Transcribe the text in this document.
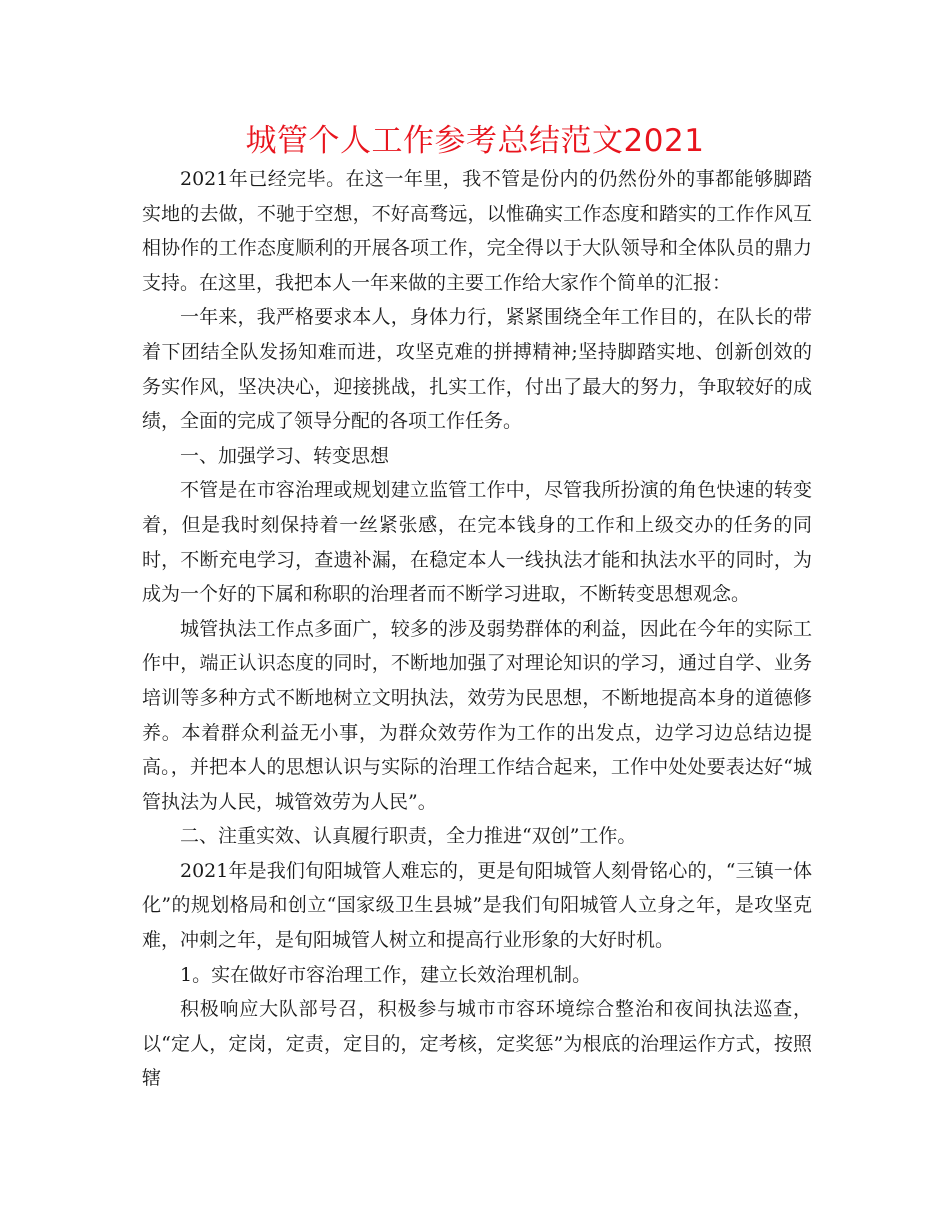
城管个人工作参考总结范文2021

2021年已经完毕。在这一年里，我不管是份内的仍然份外的事都能够脚踏实地的去做，不驰于空想，不好高骛远，以惟确实工作态度和踏实的工作作风互相协作的工作态度顺利的开展各项工作，完全得以于大队领导和全体队员的鼎力支持。在这里，我把本人一年来做的主要工作给大家作个简单的汇报：

一年来，我严格要求本人，身体力行，紧紧围绕全年工作目的，在队长的带着下团结全队发扬知难而进，攻坚克难的拼搏精神;坚持脚踏实地、创新创效的务实作风，坚决决心，迎接挑战，扎实工作，付出了最大的努力，争取较好的成绩，全面的完成了领导分配的各项工作任务。

一、加强学习、转变思想

不管是在市容治理或规划建立监管工作中，尽管我所扮演的角色快速的转变着，但是我时刻保持着一丝紧张感，在完本钱身的工作和上级交办的任务的同时，不断充电学习，查遗补漏，在稳定本人一线执法才能和执法水平的同时，为成为一个好的下属和称职的治理者而不断学习进取，不断转变思想观念。

城管执法工作点多面广，较多的涉及弱势群体的利益，因此在今年的实际工作中，端正认识态度的同时，不断地加强了对理论知识的学习，通过自学、业务培训等多种方式不断地树立文明执法，效劳为民思想，不断地提高本身的道德修养。本着群众利益无小事，为群众效劳作为工作的出发点，边学习边总结边提高。，并把本人的思想认识与实际的治理工作结合起来，工作中处处要表达好“城管执法为人民，城管效劳为人民”。

二、注重实效、认真履行职责，全力推进“双创”工作。

2021年是我们旬阳城管人难忘的，更是旬阳城管人刻骨铭心的，“三镇一体化”的规划格局和创立“国家级卫生县城”是我们旬阳城管人立身之年，是攻坚克难，冲刺之年，是旬阳城管人树立和提高行业形象的大好时机。

1。实在做好市容治理工作，建立长效治理机制。

积极响应大队部号召，积极参与城市市容环境综合整治和夜间执法巡查，以“定人，定岗，定责，定目的，定考核，定奖惩”为根底的治理运作方式，按照辖
